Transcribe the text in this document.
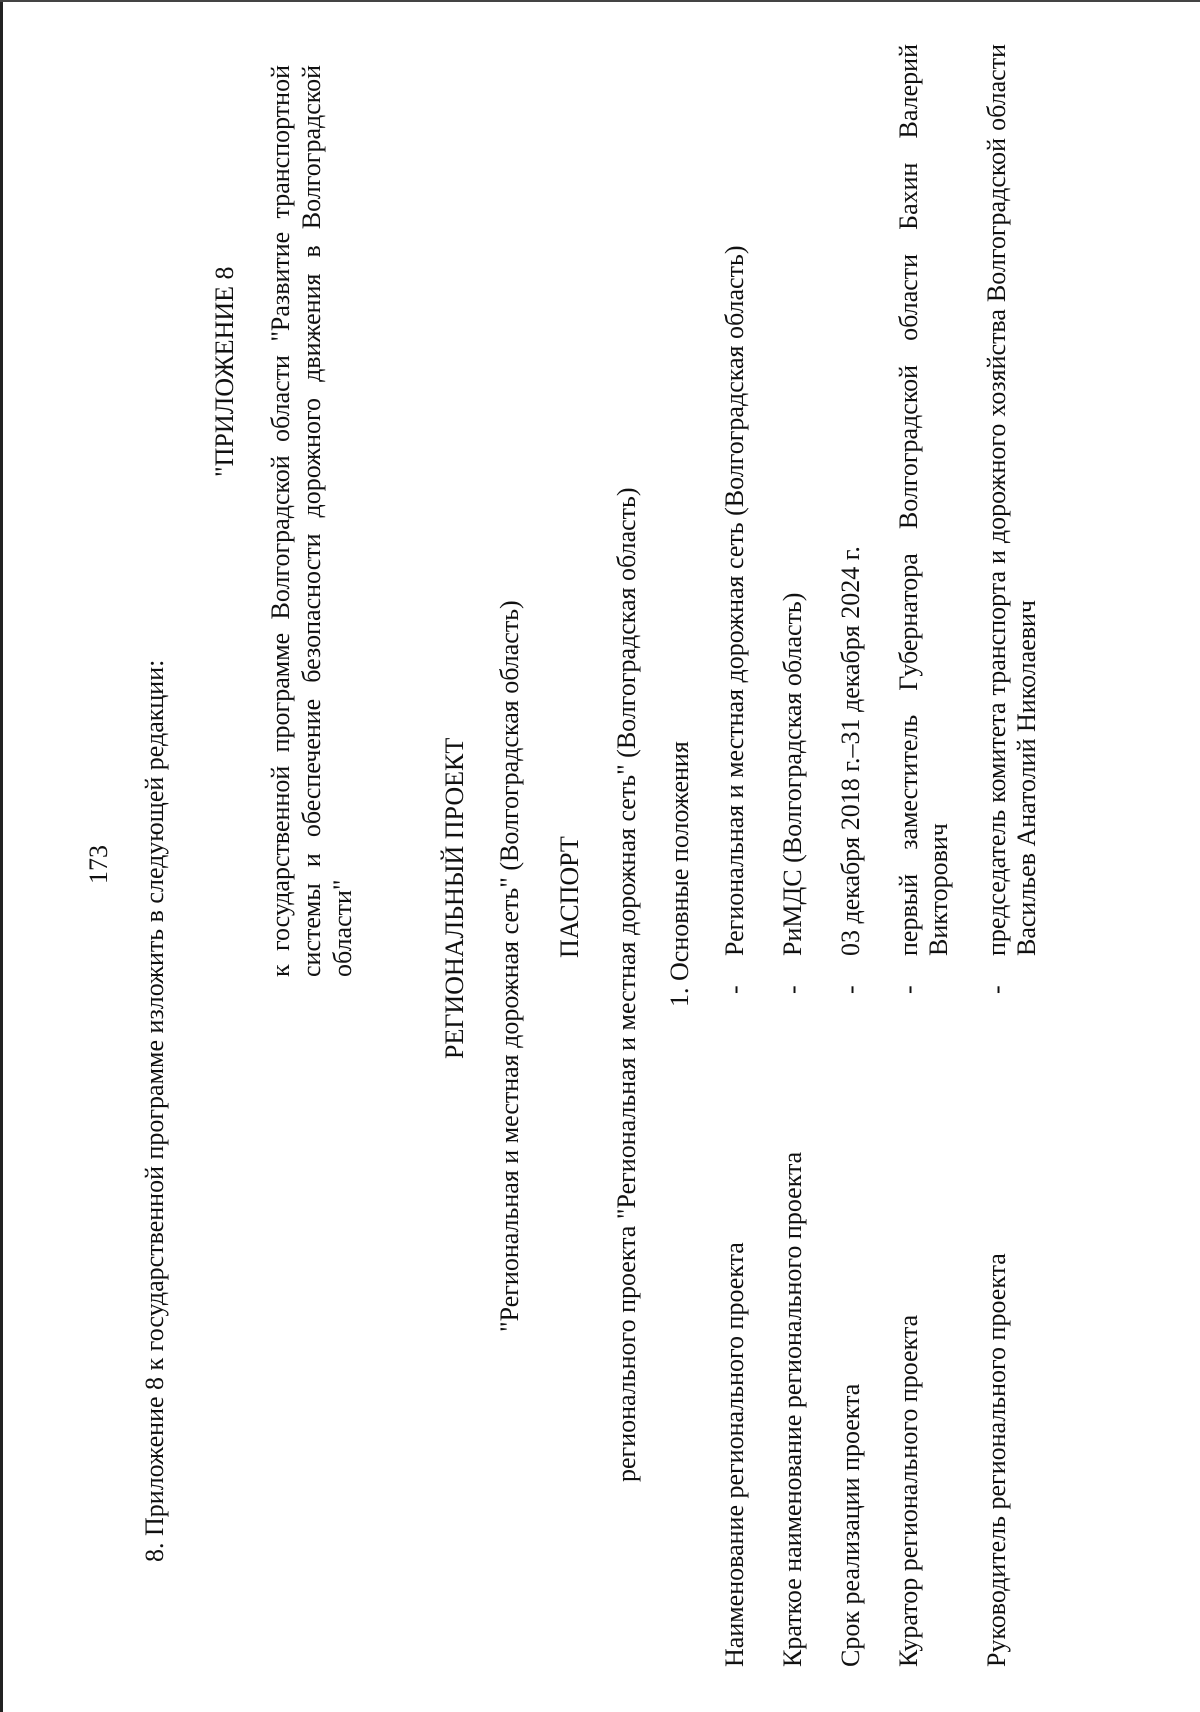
173 8. Приложение 8 к государственной программе изложить в следующей редакции:
"ПРИЛОЖЕНИЕ 8 к государственной программе Волгоградской области "Развитие транспортной системы и обеспечение безопасности дорожного движения в Волгоградской области"	РЕГИОНАЛЬНЫЙ ПРОЕКТ "Региональная и местная дорожная сеть" (Волгоградская область) ПАСПОРТ регионального проекта "Региональная и местная дорожная сеть" (Волгоградская область) 1. Основные положения
Наименование регионального проекта
-
Региональная и местная дорожная сеть (Волгоградская область)
Краткое наименование регионального проекта
-
РиМДС (Волгоградская область)
Срок реализации проекта
-
03 декабря 2018 г.–31 декабря 2024 г.
Куратор регионального проекта
-
первый заместитель Губернатора Волгоградской области Бахин Валерий Викторович
Руководитель регионального проекта
-
председатель комитета транспорта и дорожного хозяйства Волгоградской области Васильев Анатолий Николаевич
